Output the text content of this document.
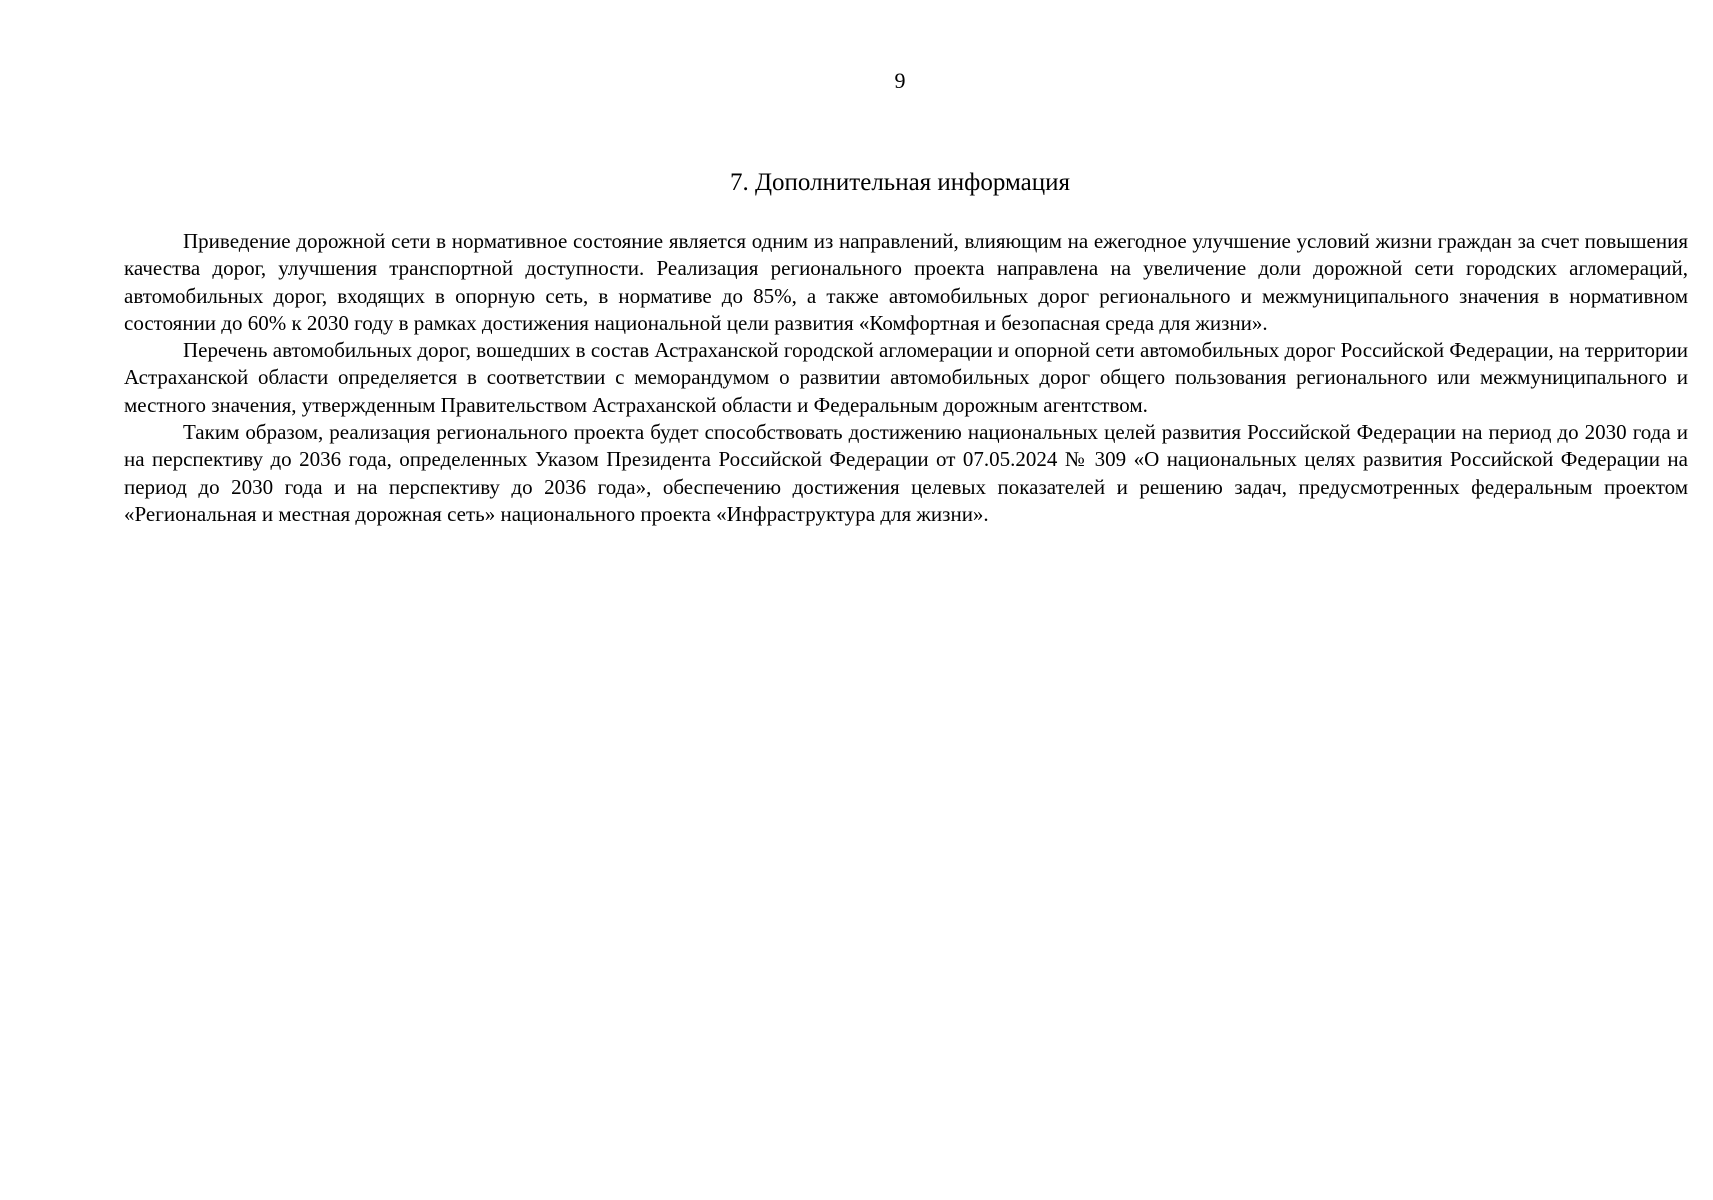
9
7. Дополнительная информация

Приведение дорожной сети в нормативное состояние является одним из направлений, влияющим на ежегодное улучшение условий жизни граждан за счет повышения качества дорог, улучшения транспортной доступности. Реализация регионального проекта направлена на увеличение доли дорожной сети городских агломераций, автомобильных дорог, входящих в опорную сеть, в нормативе до 85%, а также автомобильных дорог регионального и межмуниципального значения в нормативном состоянии до 60% к 2030 году в рамках достижения национальной цели развития «Комфортная и безопасная среда для жизни».

Перечень автомобильных дорог, вошедших в состав Астраханской городской агломерации и опорной сети автомобильных дорог Российской Федерации, на территории Астраханской области определяется в соответствии с меморандумом о развитии автомобильных дорог общего пользования регионального или межмуниципального и местного значения, утвержденным Правительством Астраханской области и Федеральным дорожным агентством.

Таким образом, реализация регионального проекта будет способствовать достижению национальных целей развития Российской Федерации на период до 2030 года и на перспективу до 2036 года, определенных Указом Президента Российской Федерации от 07.05.2024 № 309 «О национальных целях развития Российской Федерации на период до 2030 года и на перспективу до 2036 года», обеспечению достижения целевых показателей и решению задач, предусмотренных федеральным проектом «Региональная и местная дорожная сеть» национального проекта «Инфраструктура для жизни».
